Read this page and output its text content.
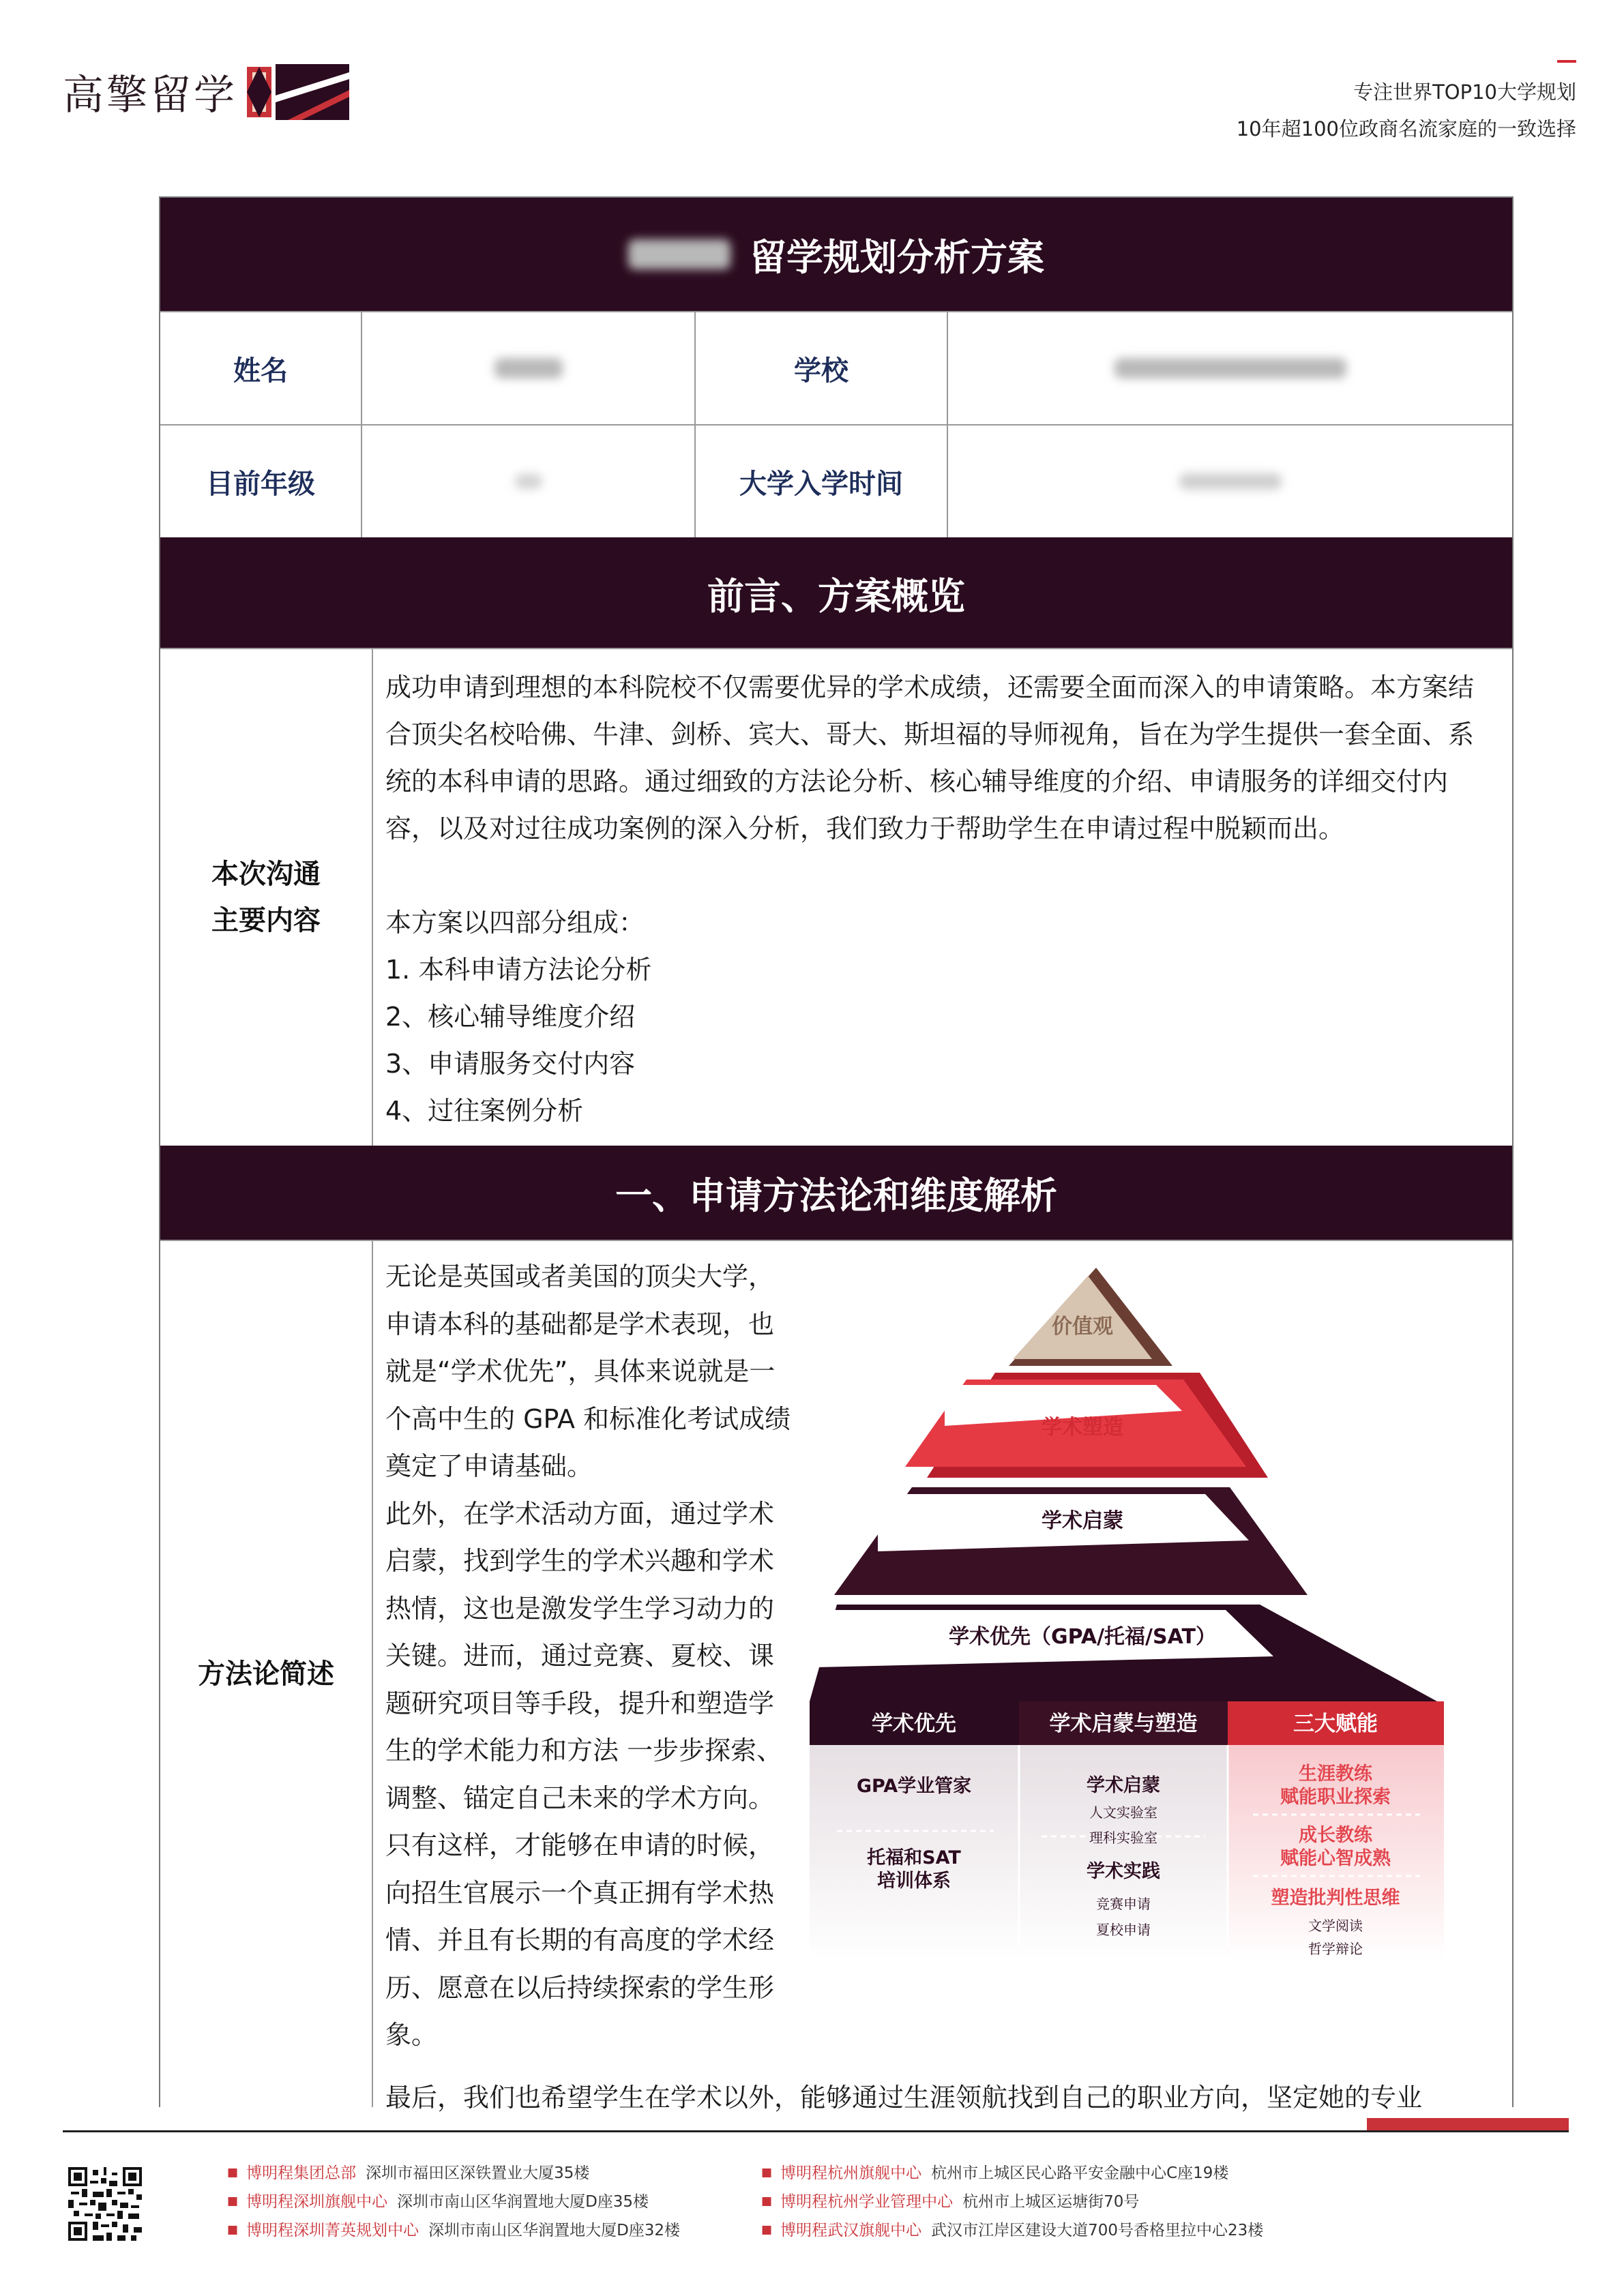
高擎留学	专注世界TOP10大学规划
10年超100位政商名流家庭的一致选择
留学规划分析方案
姓名	学校
目前年级	大学入学时间
前言、方案概览
本次沟通
主要内容

成功申请到理想的本科院校不仅需要优异的学术成绩，还需要全面而深入的申请策略。本方案结合顶尖名校哈佛、牛津、剑桥、宾大、哥大、斯坦福的导师视角，旨在为学生提供一套全面、系统的本科申请的思路。通过细致的方法论分析、核心辅导维度的介绍、申请服务的详细交付内容，以及对过往成功案例的深入分析，我们致力于帮助学生在申请过程中脱颖而出。

本方案以四部分组成：

1. 本科申请方法论分析

2、核心辅导维度介绍

3、申请服务交付内容

4、过往案例分析

一、申请方法论和维度解析
方法论简述

无论是英国或者美国的顶尖大学，申请本科的基础都是学术表现，也就是“学术优先”，具体来说就是一个高中生的 GPA 和标准化考试成绩奠定了申请基础。

此外，在学术活动方面，通过学术启蒙，找到学生的学术兴趣和学术热情，这也是激发学生学习动力的关键。进而，通过竞赛、夏校、课题研究项目等手段，提升和塑造学生的学术能力和方法 一步步探索、调整、锚定自己未来的学术方向。

只有这样，才能够在申请的时候，向招生官展示一个真正拥有学术热情、并且有长期的有高度的学术经历、愿意在以后持续探索的学生形象。

最后，我们也希望学生在学术以外，能够通过生涯领航找到自己的职业方向，坚定她的专业
价值观
学术塑造
学术启蒙
学术优先（GPA/托福/SAT）
学术优先	学术启蒙与塑造	三大赋能
GPA学业管家
托福和SAT
培训体系
学术启蒙
人文实验室
理科实验室
学术实践
竞赛申请
夏校申请
生涯教练
赋能职业探索
成长教练
赋能心智成熟
塑造批判性思维
文学阅读
哲学辩论
■ 博明程集团总部 深圳市福田区深铁置业大厦35楼
■ 博明程深圳旗舰中心 深圳市南山区华润置地大厦D座35楼
■ 博明程深圳菁英规划中心 深圳市南山区华润置地大厦D座32楼
■ 博明程杭州旗舰中心 杭州市上城区民心路平安金融中心C座19楼
■ 博明程杭州学业管理中心 杭州市上城区运塘街70号
■ 博明程武汉旗舰中心 武汉市江岸区建设大道700号香格里拉中心23楼
